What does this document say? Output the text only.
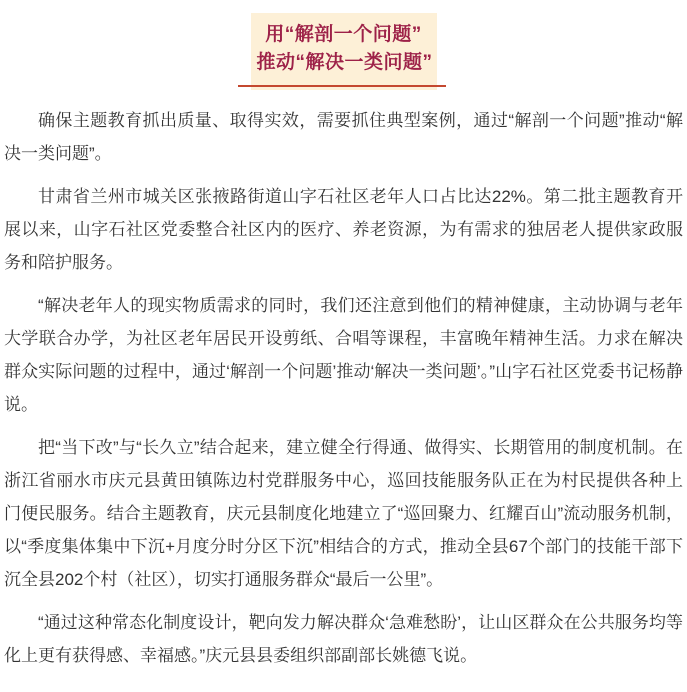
用“解剖一个问题”
推动“解决一类问题”

确保主题教育抓出质量、取得实效，需要抓住典型案例，通过“解剖一个问题”推动“解决一类问题”。

甘肃省兰州市城关区张掖路街道山字石社区老年人口占比达22%。第二批主题教育开展以来，山字石社区党委整合社区内的医疗、养老资源，为有需求的独居老人提供家政服务和陪护服务。

“解决老年人的现实物质需求的同时，我们还注意到他们的精神健康，主动协调与老年大学联合办学，为社区老年居民开设剪纸、合唱等课程，丰富晚年精神生活。力求在解决群众实际问题的过程中，通过‘解剖一个问题’推动‘解决一类问题’。”山字石社区党委书记杨静说。

把“当下改”与“长久立”结合起来，建立健全行得通、做得实、长期管用的制度机制。在浙江省丽水市庆元县黄田镇陈边村党群服务中心，巡回技能服务队正在为村民提供各种上门便民服务。结合主题教育，庆元县制度化地建立了“巡回聚力、红耀百山”流动服务机制，以“季度集体集中下沉+月度分时分区下沉”相结合的方式，推动全县67个部门的技能干部下沉全县202个村（社区），切实打通服务群众“最后一公里”。

“通过这种常态化制度设计，靶向发力解决群众‘急难愁盼’，让山区群众在公共服务均等化上更有获得感、幸福感。”庆元县县委组织部副部长姚德飞说。
